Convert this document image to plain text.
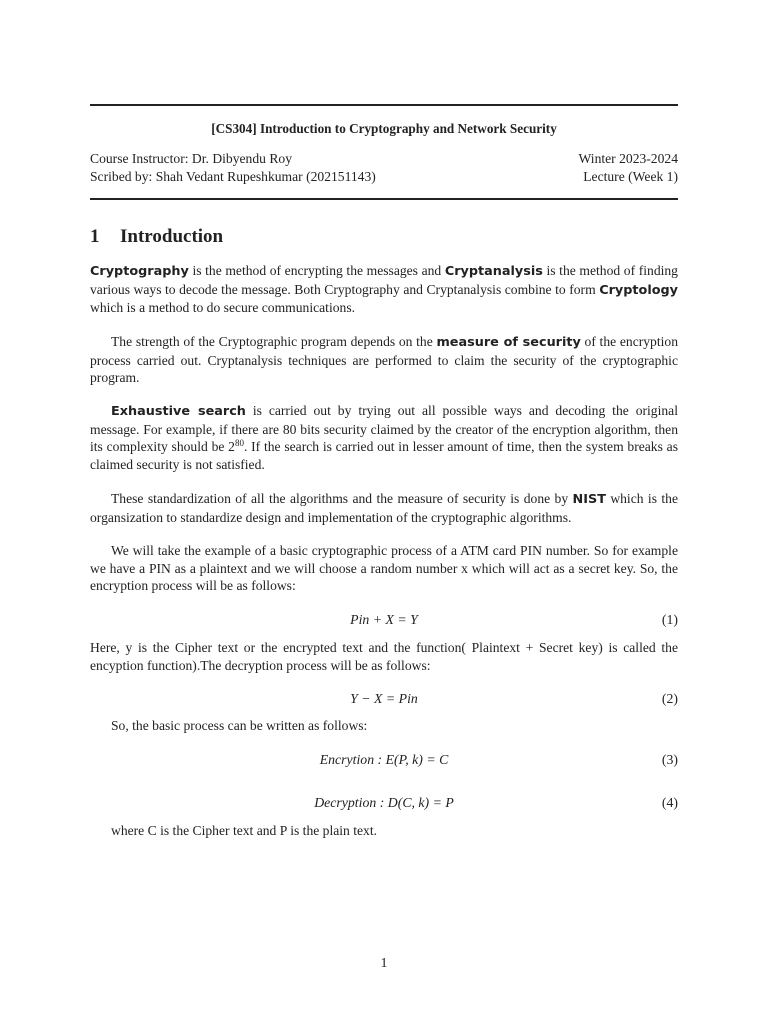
[CS304] Introduction to Cryptography and Network Security
Course Instructor: Dr. Dibyendu Roy	Winter 2023-2024
Scribed by: Shah Vedant Rupeshkumar (202151143)	Lecture (Week 1)
1 Introduction
Cryptography is the method of encrypting the messages and Cryptanalysis is the method of finding various ways to decode the message. Both Cryptography and Cryptanalysis combine to form Cryptology which is a method to do secure communications.
The strength of the Cryptographic program depends on the measure of security of the encryption process carried out. Cryptanalysis techniques are performed to claim the security of the cryptographic program.
Exhaustive search is carried out by trying out all possible ways and decoding the original message. For example, if there are 80 bits security claimed by the creator of the encryption algorithm, then its complexity should be $2^{80}$. If the search is carried out in lesser amount of time, then the system breaks as claimed security is not satisfied.
These standardization of all the algorithms and the measure of security is done by NIST which is the organsization to standardize design and implementation of the cryptographic algorithms.
We will take the example of a basic cryptographic process of a ATM card PIN number. So for example we have a PIN as a plaintext and we will choose a random number x which will act as a secret key. So, the encryption process will be as follows:
Pin + X = Y	(1)
Here, y is the Cipher text or the encrypted text and the function( Plaintext + Secret key) is called the encyption function).The decryption process will be as follows:
Y − X = Pin	(2)
So, the basic process can be written as follows:
Encrytion : E(P, k) = C	(3)
Decryption : D(C, k) = P	(4)
where C is the Cipher text and P is the plain text.
1
